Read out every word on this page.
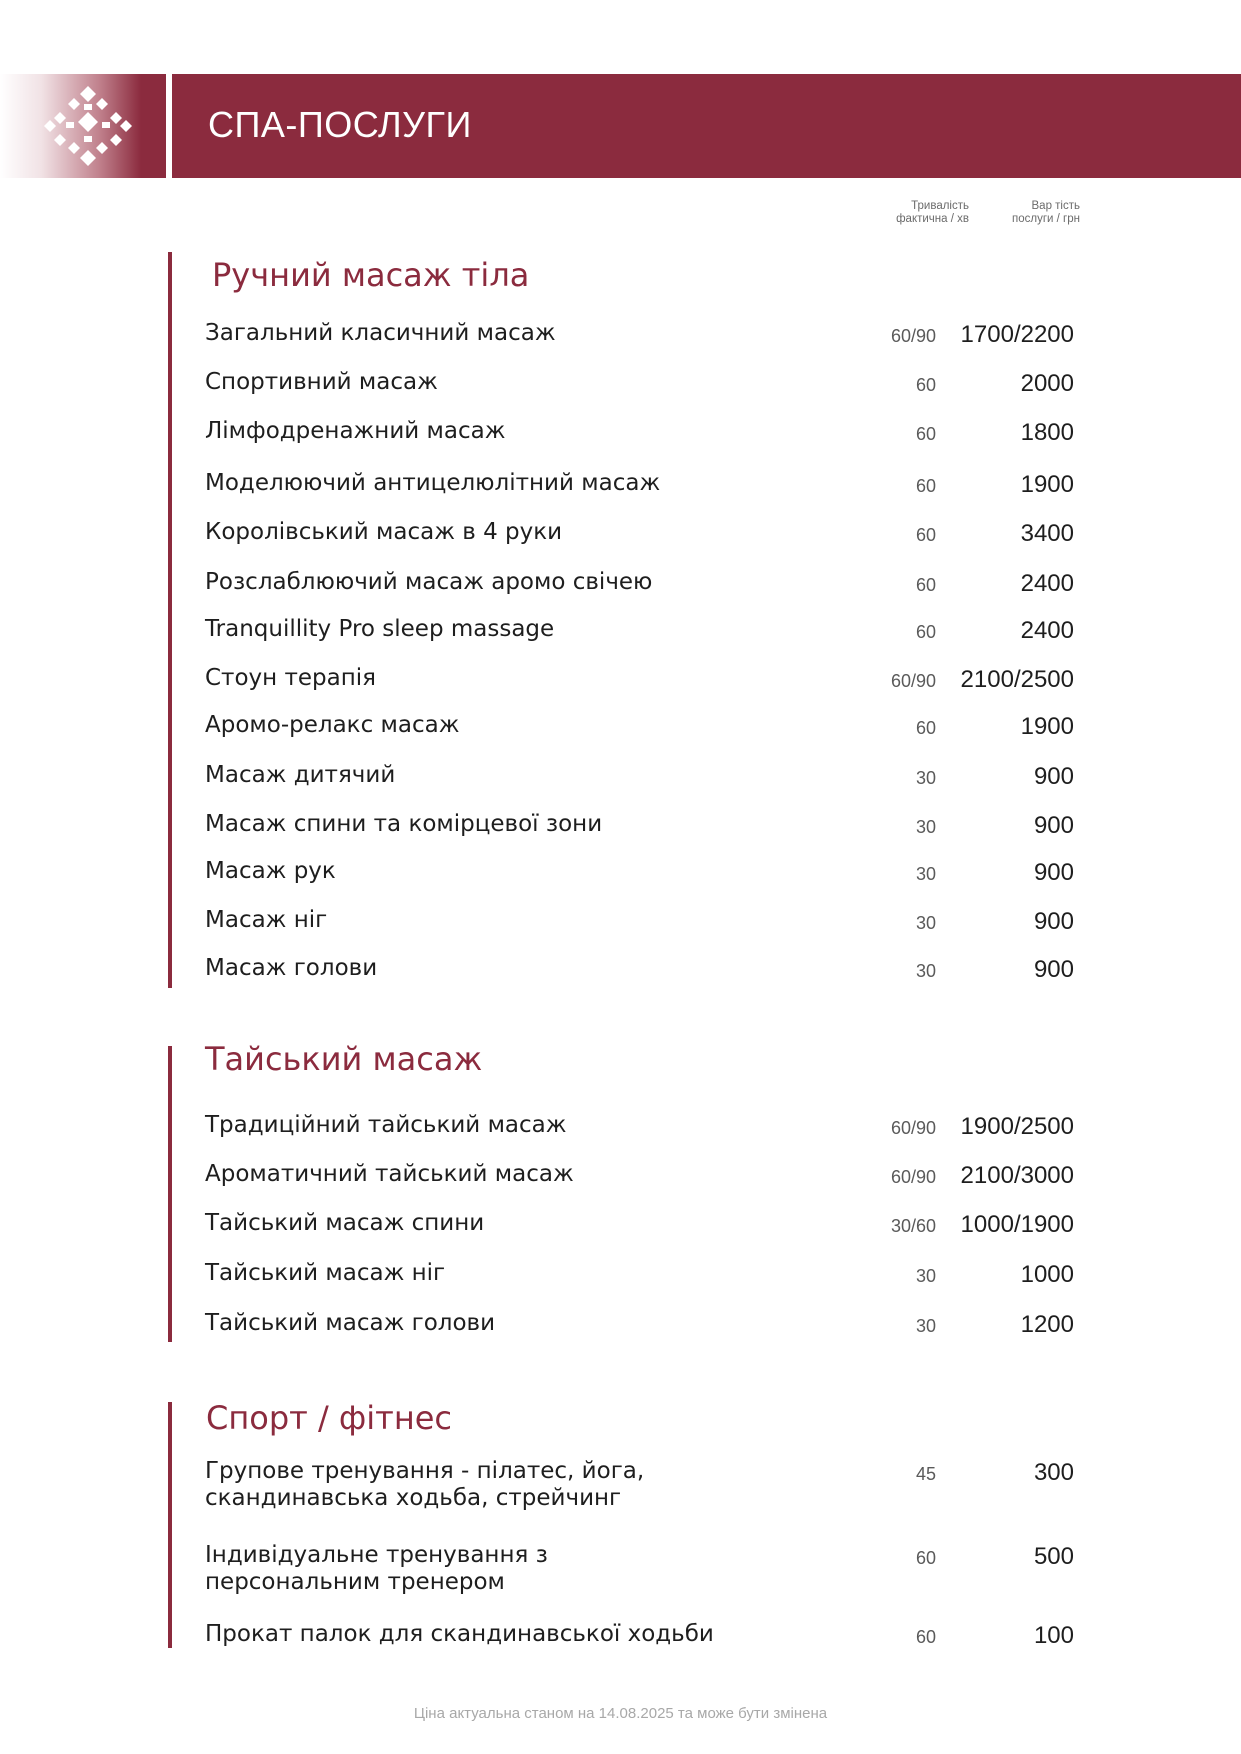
СПА-ПОСЛУГИ
Тривалість
фактична / хв
Вар тість
послуги / грн
Ручний масаж тіла
Загальний класичний масаж	60/90 1700/2200
Спортивний масаж	60	2000
Лімфодренажний масаж	60	1800
Моделюючий антицелюлітний масаж	60	1900
Королівський масаж в 4 руки	60	3400
Розслаблюючий масаж аромо свічею	60	2400
Tranquillity Pro sleep massage	60	2400
Стоун терапія	60/90 2100/2500
Аромо-релакс масаж	60	1900
Масаж дитячий	30	900
Масаж спини та комірцевої зони	30	900
Масаж рук	30	900
Масаж ніг	30	900
Масаж голови	30	900
Тайський масаж
Традиційний тайський масаж	60/90 1900/2500
Ароматичний тайський масаж	60/90 2100/3000
Тайський масаж спини	30/60 1000/1900
Тайський масаж ніг	30	1000
Тайський масаж голови	30	1200
Спорт / фітнес
Групове тренування - пілатес, йога,
скандинавська ходьба, стрейчинг
45	300
Індивідуальне тренування з
персональним тренером
60	500
Прокат палок для скандинавської ходьби	60	100
Ціна актуальна станом на 14.08.2025 та може бути змінена
